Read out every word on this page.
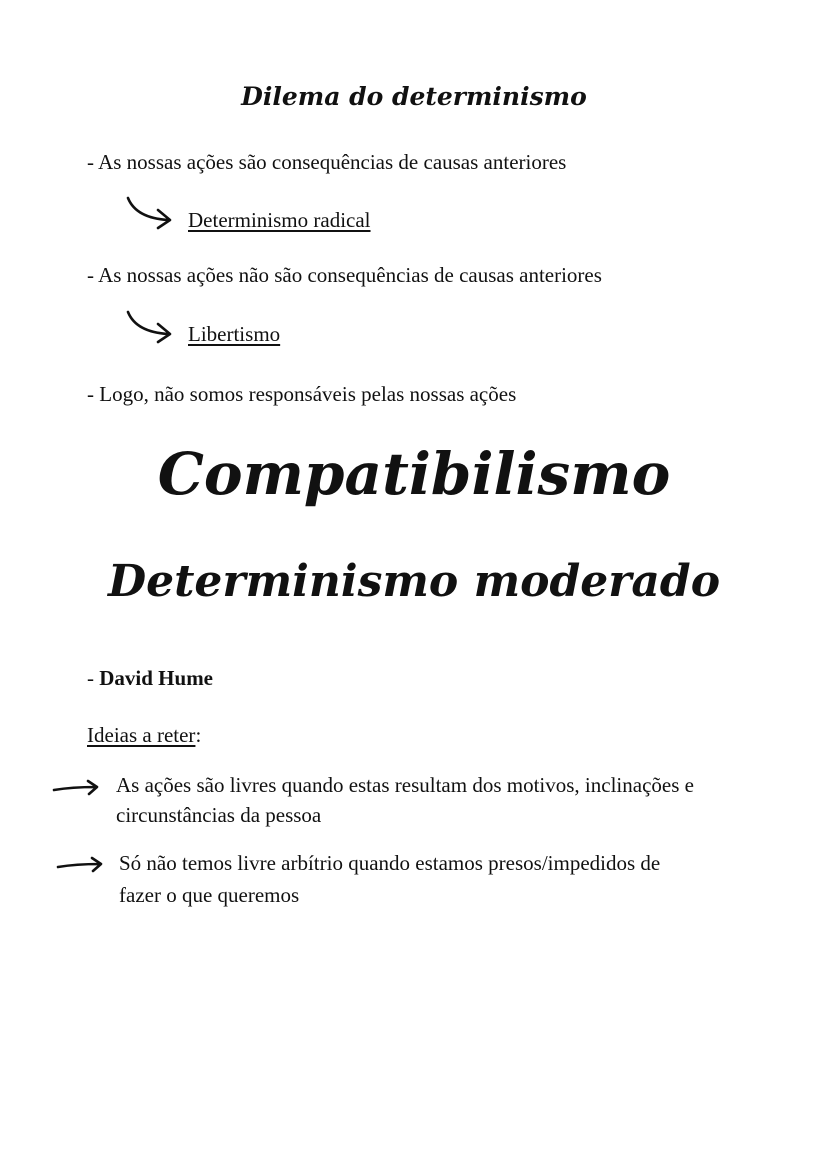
Dilema do determinismo
- As nossas ações são consequências de causas anteriores
Determinismo radical
- As nossas ações não são consequências de causas anteriores
Libertismo
- Logo, não somos responsáveis pelas nossas ações
Compatibilismo
Determinismo moderado
- David Hume
Ideias a reter:
As ações são livres quando estas resultam dos motivos, inclinações e
circunstâncias da pessoa
Só não temos livre arbítrio quando estamos presos/impedidos de
fazer o que queremos
